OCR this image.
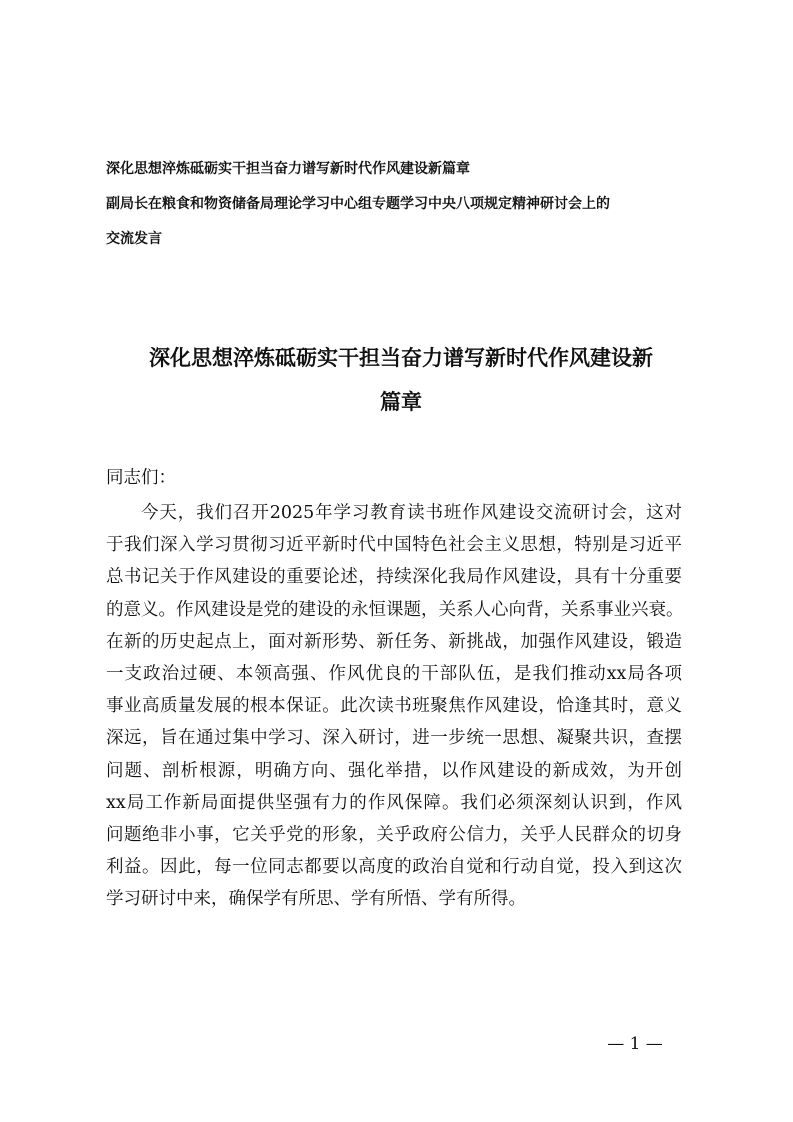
深化思想淬炼砥砺实干担当奋力谱写新时代作风建设新篇章
副局长在粮食和物资储备局理论学习中心组专题学习中央八项规定精神研讨会上的
交流发言
深化思想淬炼砥砺实干担当奋力谱写新时代作风建设新
篇章
同志们：
今天，我们召开2025年学习教育读书班作风建设交流研讨会，这对
于我们深入学习贯彻习近平新时代中国特色社会主义思想，特别是习近平
总书记关于作风建设的重要论述，持续深化我局作风建设，具有十分重要
的意义。作风建设是党的建设的永恒课题，关系人心向背，关系事业兴衰。
在新的历史起点上，面对新形势、新任务、新挑战，加强作风建设，锻造
一支政治过硬、本领高强、作风优良的干部队伍，是我们推动xx局各项
事业高质量发展的根本保证。此次读书班聚焦作风建设，恰逢其时，意义
深远，旨在通过集中学习、深入研讨，进一步统一思想、凝聚共识，查摆
问题、剖析根源，明确方向、强化举措，以作风建设的新成效，为开创
xx局工作新局面提供坚强有力的作风保障。我们必须深刻认识到，作风
问题绝非小事，它关乎党的形象，关乎政府公信力，关乎人民群众的切身
利益。因此，每一位同志都要以高度的政治自觉和行动自觉，投入到这次
学习研讨中来，确保学有所思、学有所悟、学有所得。
— 1 —
